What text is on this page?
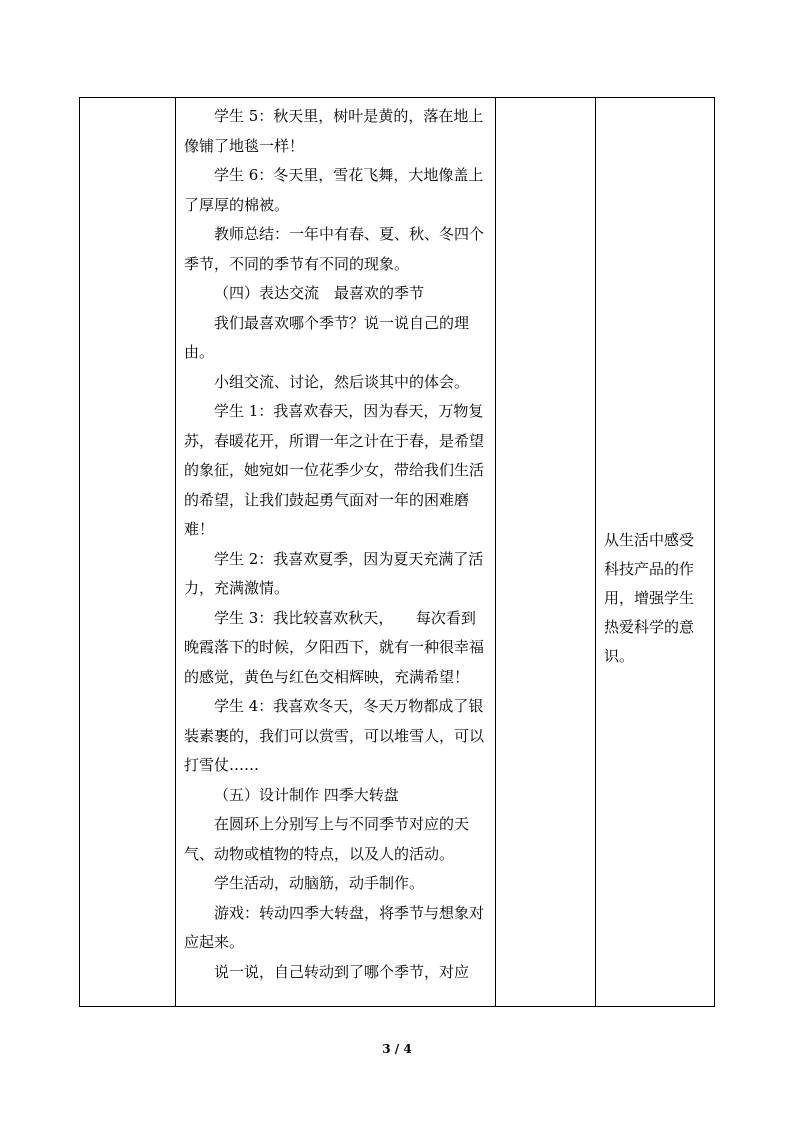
学生 5：秋天里，树叶是黄的，落在地上像铺了地毯一样！

学生 6：冬天里，雪花飞舞，大地像盖上了厚厚的棉被。

教师总结：一年中有春、夏、秋、冬四个季节，不同的季节有不同的现象。

（四）表达交流　最喜欢的季节

我们最喜欢哪个季节？说一说自己的理由。

小组交流、讨论，然后谈其中的体会。

学生 1：我喜欢春天，因为春天，万物复苏，春暖花开，所谓一年之计在于春，是希望的象征，她宛如一位花季少女，带给我们生活的希望，让我们鼓起勇气面对一年的困难磨难！

学生 2：我喜欢夏季，因为夏天充满了活力，充满激情。

学生 3：我比较喜欢秋天，　　每次看到晚霞落下的时候，夕阳西下，就有一种很幸福的感觉，黄色与红色交相辉映，充满希望！

学生 4：我喜欢冬天，冬天万物都成了银装素裹的，我们可以赏雪，可以堆雪人，可以打雪仗……

（五）设计制作 四季大转盘

在圆环上分别写上与不同季节对应的天气、动物或植物的特点，以及人的活动。

学生活动，动脑筋，动手制作。

游戏：转动四季大转盘，将季节与想象对应起来。

说一说，自己转动到了哪个季节，对应

从生活中感受科技产品的作用，增强学生热爱科学的意识。
3 / 4
